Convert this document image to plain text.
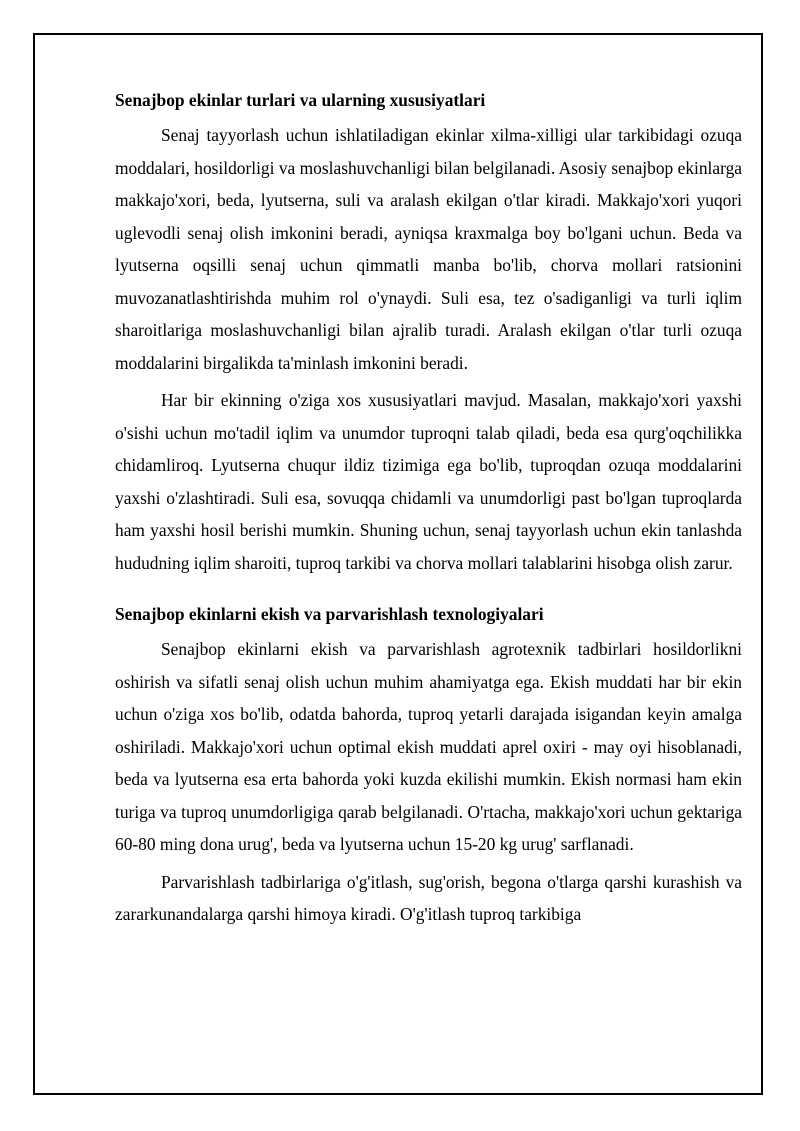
Senajbop ekinlar turlari va ularning xususiyatlari

Senaj tayyorlash uchun ishlatiladigan ekinlar xilma-xilligi ular tarkibidagi ozuqa moddalari, hosildorligi va moslashuvchanligi bilan belgilanadi. Asosiy senajbop ekinlarga makkajo'xori, beda, lyutserna, suli va aralash ekilgan o'tlar kiradi. Makkajo'xori yuqori uglevodli senaj olish imkonini beradi, ayniqsa kraxmalga boy bo'lgani uchun. Beda va lyutserna oqsilli senaj uchun qimmatli manba bo'lib, chorva mollari ratsionini muvozanatlashtirishda muhim rol o'ynaydi. Suli esa, tez o'sadiganligi va turli iqlim sharoitlariga moslashuvchanligi bilan ajralib turadi. Aralash ekilgan o'tlar turli ozuqa moddalarini birgalikda ta'minlash imkonini beradi.

Har bir ekinning o'ziga xos xususiyatlari mavjud. Masalan, makkajo'xori yaxshi o'sishi uchun mo'tadil iqlim va unumdor tuproqni talab qiladi, beda esa qurg'oqchilikka chidamliroq. Lyutserna chuqur ildiz tizimiga ega bo'lib, tuproqdan ozuqa moddalarini yaxshi o'zlashtiradi. Suli esa, sovuqqa chidamli va unumdorligi past bo'lgan tuproqlarda ham yaxshi hosil berishi mumkin. Shuning uchun, senaj tayyorlash uchun ekin tanlashda hududning iqlim sharoiti, tuproq tarkibi va chorva mollari talablarini hisobga olish zarur.

Senajbop ekinlarni ekish va parvarishlash texnologiyalari

Senajbop ekinlarni ekish va parvarishlash agrotexnik tadbirlari hosildorlikni oshirish va sifatli senaj olish uchun muhim ahamiyatga ega. Ekish muddati har bir ekin uchun o'ziga xos bo'lib, odatda bahorda, tuproq yetarli darajada isigandan keyin amalga oshiriladi. Makkajo'xori uchun optimal ekish muddati aprel oxiri - may oyi hisoblanadi, beda va lyutserna esa erta bahorda yoki kuzda ekilishi mumkin. Ekish normasi ham ekin turiga va tuproq unumdorligiga qarab belgilanadi. O'rtacha, makkajo'xori uchun gektariga 60-80 ming dona urug', beda va lyutserna uchun 15-20 kg urug' sarflanadi.

Parvarishlash tadbirlariga o'g'itlash, sug'orish, begona o'tlarga qarshi kurashish va zararkunandalarga qarshi himoya kiradi. O'g'itlash tuproq tarkibiga
